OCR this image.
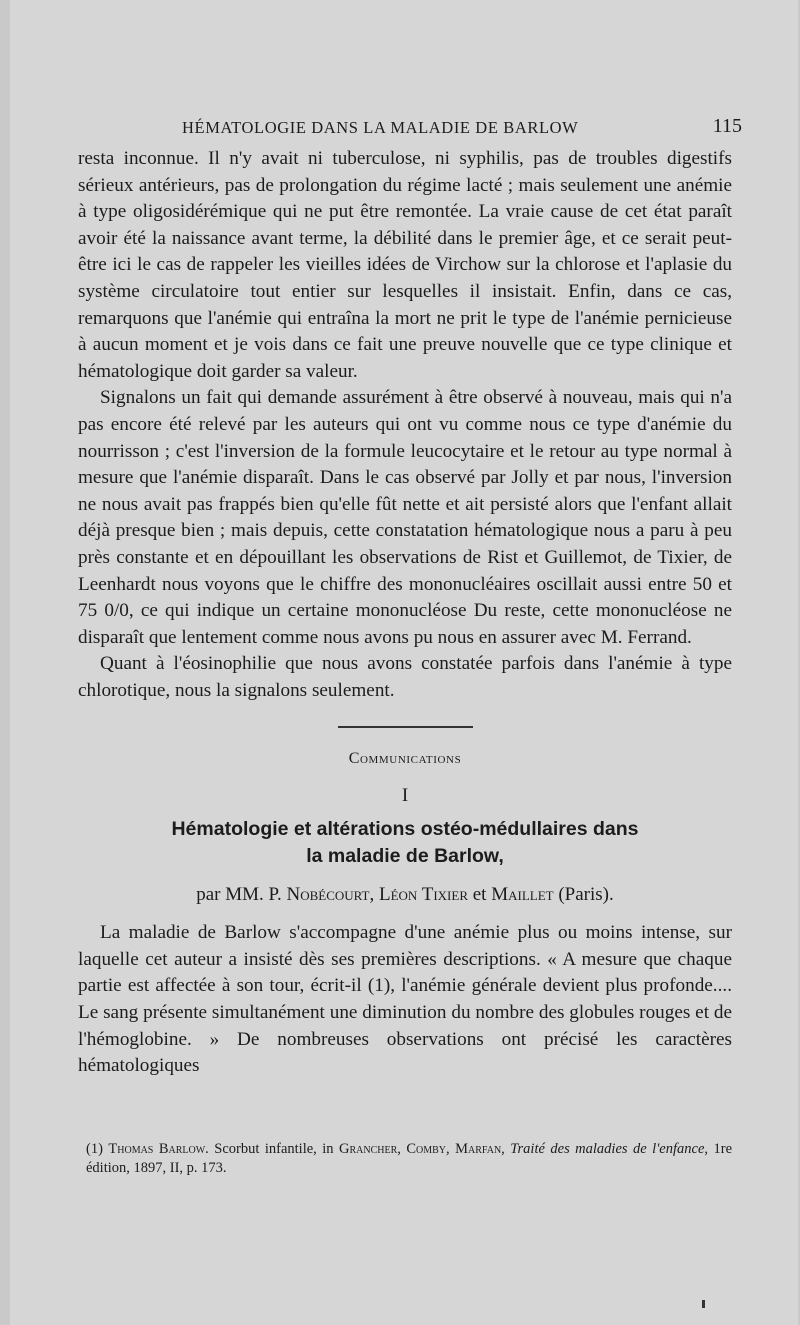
HÉMATOLOGIE DANS LA MALADIE DE BARLOW	115

resta inconnue. Il n'y avait ni tuberculose, ni syphilis, pas de troubles digestifs sérieux antérieurs, pas de prolongation du régime lacté ; mais seulement une anémie à type oligosidérémique qui ne put être remontée. La vraie cause de cet état paraît avoir été la naissance avant terme, la débilité dans le premier âge, et ce serait peut-être ici le cas de rappeler les vieilles idées de Virchow sur la chlorose et l'aplasie du système circulatoire tout entier sur lesquelles il insistait. Enfin, dans ce cas, remarquons que l'anémie qui entraîna la mort ne prit le type de l'anémie pernicieuse à aucun moment et je vois dans ce fait une preuve nouvelle que ce type clinique et hématologique doit garder sa valeur.

Signalons un fait qui demande assurément à être observé à nouveau, mais qui n'a pas encore été relevé par les auteurs qui ont vu comme nous ce type d'anémie du nourrisson ; c'est l'inversion de la formule leucocytaire et le retour au type normal à mesure que l'anémie disparaît. Dans le cas observé par Jolly et par nous, l'inversion ne nous avait pas frappés bien qu'elle fût nette et ait persisté alors que l'enfant allait déjà presque bien ; mais depuis, cette constatation hématologique nous a paru à peu près constante et en dépouillant les observations de Rist et Guillemot, de Tixier, de Leenhardt nous voyons que le chiffre des mononucléaires oscillait aussi entre 50 et 75 0/0, ce qui indique un certaine mononucléose Du reste, cette mononucléose ne disparaît que lentement comme nous avons pu nous en assurer avec M. Ferrand.

Quant à l'éosinophilie que nous avons constatée parfois dans l'anémie à type chlorotique, nous la signalons seulement.

Communications
I
Hématologie et altérations ostéo-médullaires dans
la maladie de Barlow,
par MM. P. Nobécourt, Léon Tixier et Maillet (Paris).

La maladie de Barlow s'accompagne d'une anémie plus ou moins intense, sur laquelle cet auteur a insisté dès ses premières descriptions. « A mesure que chaque partie est affectée à son tour, écrit-il (1), l'anémie générale devient plus profonde.... Le sang présente simultanément une diminution du nombre des globules rouges et de l'hémoglobine. » De nombreuses observations ont précisé les caractères hématologiques

(1) Thomas Barlow. Scorbut infantile, in Grancher, Comby, Marfan, Traité des maladies de l'enfance, 1re édition, 1897, II, p. 173.
